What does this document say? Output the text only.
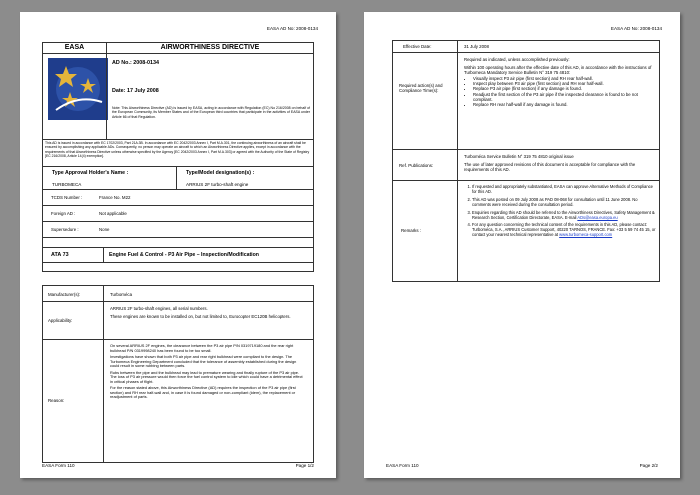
EASA AD No: 2008-0134
EASA	AIRWORTHINESS DIRECTIVE
AD No.: 2008-0134
Date: 17 July 2008
Note: This Airworthiness Directive (AD) is issued by EASA, acting in accordance with Regulation (EC) No 216/2008 on behalf of the European Community, its Member States and of the European third countries that participate in the activities of EASA under Article 66 of that Regulation.
This AD is issued in accordance with EC 1702/2003, Part 21A.3B. In accordance with EC 2042/2003 Annex I, Part M.A.301, the continuing airworthiness of an aircraft shall be ensured by accomplishing any applicable ADs. Consequently, no person may operate an aircraft to which an Airworthiness Directive applies, except in accordance with the requirements of that Airworthiness Directive unless otherwise specified by the Agency [EC 2042/2003 Annex I, Part M.A.303] or agreed with the Authority of the State of Registry [EC 216/2008, Article 14(4) exemption].
Type Approval Holder's Name :
TURBOMECA
Type/Model designation(s) :
ARRIUS 2F turbo-shaft engine
TCDS Number :	France No. M22
Foreign AD :	Not applicable
Supersedure :	None
ATA 73	Engine Fuel & Control - P3 Air Pipe – Inspection/Modification
Manufacturer(s):	Turboméca
Applicability:

ARRIUS 2F turbo-shaft engines, all serial numbers.

These engines are known to be installed on, but not limited to, Eurocopter EC120B helicopters.

Reason:

On several ARRIUS 2F engines, the clearance between the P3 air pipe P/N 0319719180 and the rear right bulkhead P/N 0319998240 has been found to be too small.

Investigations have shown that both P3 air pipe and rear right bulkhead were compliant to the design. The Turbomeca Engineering Department concluded that the tolerance of assembly established during the design could result in some rubbing between parts.

Rubs between the pipe and the bulkhead may lead to premature wearing and finally rupture of the P3 air pipe. The loss of P3 air pressure would then force the fuel control system to idle which could have a detrimental effect in critical phases of flight.

For the reason stated above, this Airworthiness Directive (AD) requires the inspection of the P3 air pipe (first section) and RH rear half-wall and, in case it is found damaged or non-compliant (idem), the replacement or readjustment of parts.

EASA Form 110	Page 1/2
EASA AD No: 2008-0134
Effective Date:	31 July 2008
Required action(s) and Compliance Time(s):

Required as indicated, unless accomplished previously:

Within 100 operating hours after the effective date of this AD, in accordance with the instructions of Turbomeca Mandatory Service Bulletin N° 319 75 4810:

• Visually inspect P3 air pipe (first section) and RH rear half-wall.
• Inspect play between P3 air pipe (first section) and RH rear half-wall.
• Replace P3 air pipe (first section) if any damage is found.
• Readjust the first section of the P3 air pipe if the inspected clearance is found to be not compliant.
• Replace RH rear half-wall if any damage is found.
Ref. Publications:

Turboméca Service Bulletin N° 319 75 4810 original issue

The use of later approved revisions of this document is acceptable for compliance with the requirements of this AD.

Remarks :
1. If requested and appropriately substantiated, EASA can approve Alternative Methods of Compliance for this AD.
2. This AD was posted on 09 July 2008 as PAD 08-068 for consultation until 11 June 2008. No comments were received during the consultation period.
3. Enquiries regarding this AD should be referred to the Airworthiness Directives, Safety Management & Research Section, Certification Directorate, EASA. E-mail ADs@easa.europa.eu
4. For any question concerning the technical content of the requirements in this AD, please contact: Turboméca, S.A., ARRIUS Customer Support, 40220 TARNOS, FRANCE. Fax: +33 5 59 74 45 15, or contact your nearest technical representative at www.turbomeca-support.com
EASA Form 110	Page 2/2
